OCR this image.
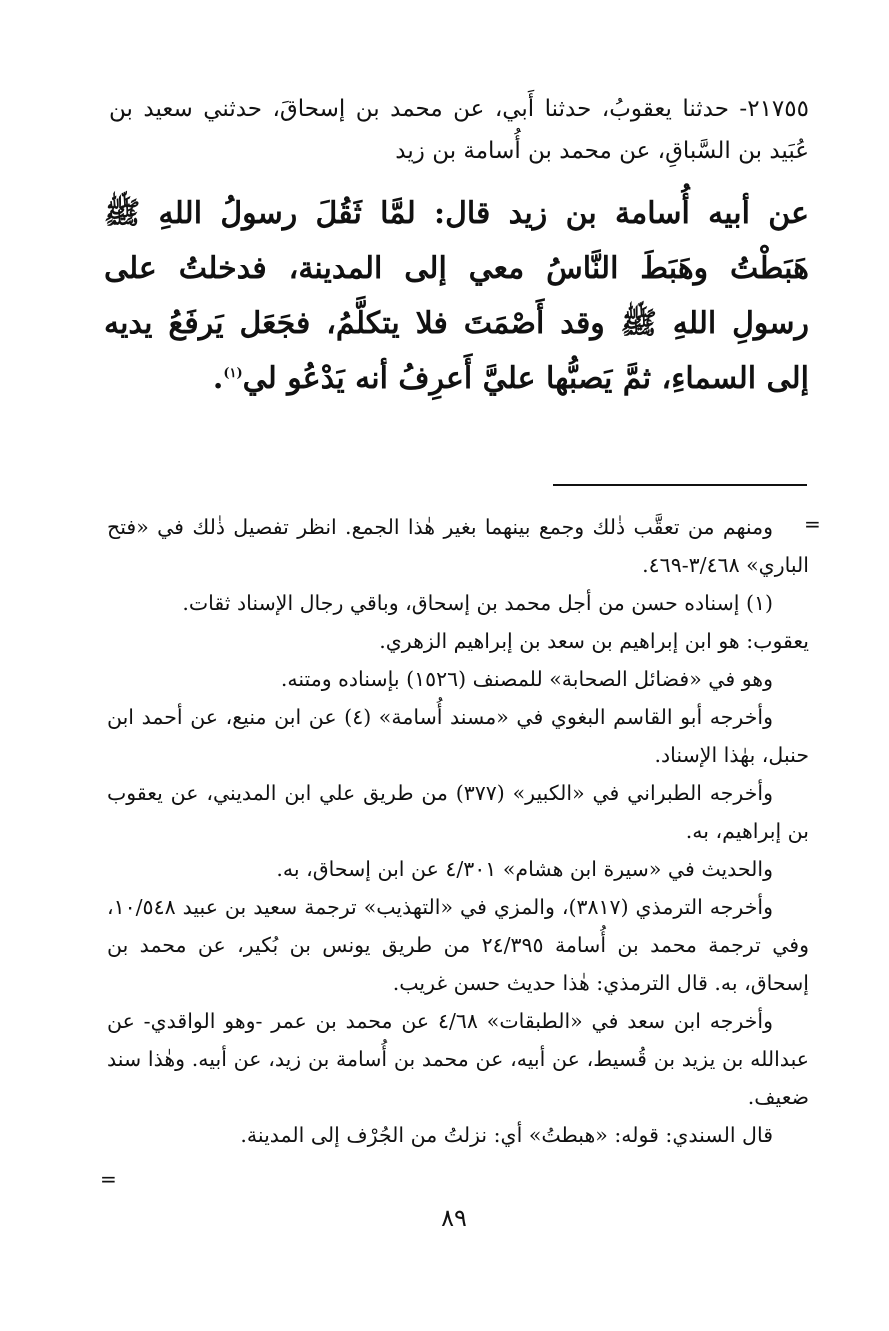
٢١٧٥٥- حدثنا يعقوبُ، حدثنا أَبي، عن محمد بن إسحاقَ، حدثني سعيد بن عُبَيد بن السَّباقِ، عن محمد بن أُسامة بن زيد
عن أبيه أُسامة بن زيد قال: لمَّا ثَقُلَ رسولُ اللهِ ﷺ هَبَطْتُ وهَبَطَ النَّاسُ معي إلى المدينة، فدخلتُ على رسولِ اللهِ ﷺ وقد أَصْمَتَ فلا يتكلَّمُ، فجَعَل يَرفَعُ يديه إلى السماءِ، ثمَّ يَصبُّها عليَّ أَعرِفُ أنه يَدْعُو لي$^{(١)}$.
=

ومنهم من تعقَّب ذٰلك وجمع بينهما بغير هٰذا الجمع. انظر تفصيل ذٰلك في «فتح الباري» ٣/٤٦٨-٤٦٩.

(١) إسناده حسن من أجل محمد بن إسحاق، وباقي رجال الإسناد ثقات.

يعقوب: هو ابن إبراهيم بن سعد بن إبراهيم الزهري.

وهو في «فضائل الصحابة» للمصنف (١٥٢٦) بإسناده ومتنه.

وأخرجه أبو القاسم البغوي في «مسند أُسامة» (٤) عن ابن منيع، عن أحمد ابن حنبل، بهٰذا الإسناد.

وأخرجه الطبراني في «الكبير» (٣٧٧) من طريق علي ابن المديني، عن يعقوب بن إبراهيم، به.

والحديث في «سيرة ابن هشام» ٤/٣٠١ عن ابن إسحاق، به.

وأخرجه الترمذي (٣٨١٧)، والمزي في «التهذيب» ترجمة سعيد بن عبيد ١٠/٥٤٨، وفي ترجمة محمد بن أُسامة ٢٤/٣٩٥ من طريق يونس بن بُكير، عن محمد بن إسحاق، به. قال الترمذي: هٰذا حديث حسن غريب.

وأخرجه ابن سعد في «الطبقات» ٤/٦٨ عن محمد بن عمر -وهو الواقدي- عن عبدالله بن يزيد بن قُسيط، عن أبيه، عن محمد بن أُسامة بن زيد، عن أبيه. وهٰذا سند ضعيف.

قال السندي: قوله: «هبطتُ» أي: نزلتُ من الجُرْف إلى المدينة.

=
٨٩
